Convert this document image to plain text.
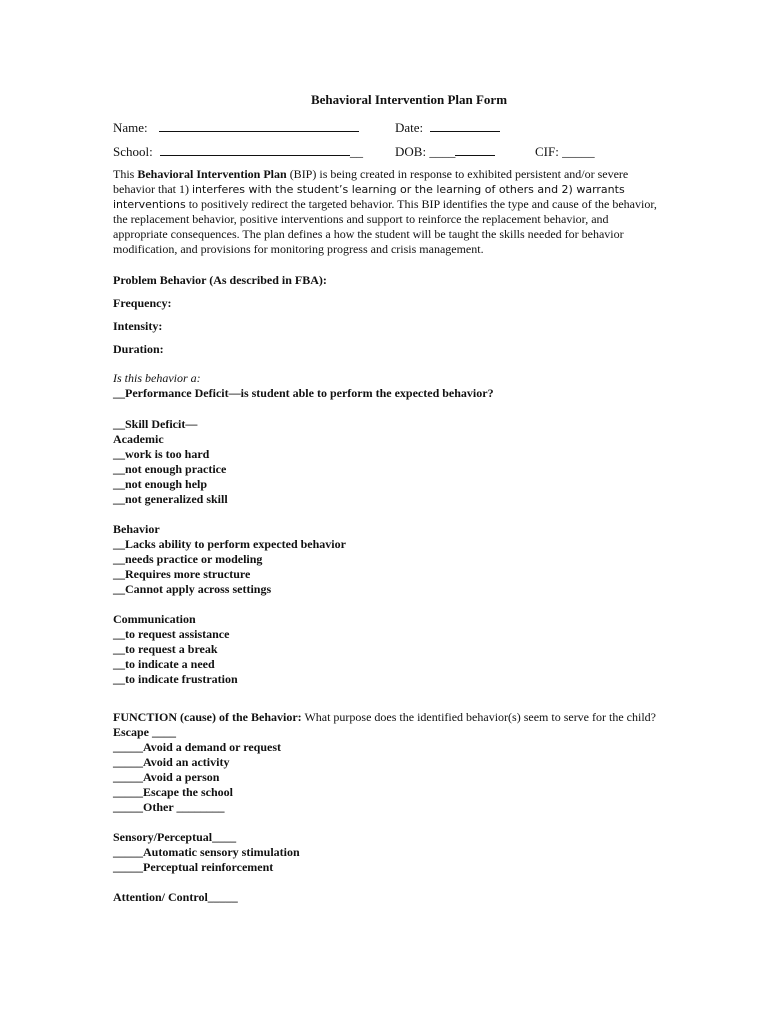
Behavioral Intervention Plan Form
Name:	Date:
School:	__	DOB: ____	CIF: _____

This Behavioral Intervention Plan (BIP) is being created in response to exhibited persistent and/or severe behavior that 1) interferes with the student’s learning or the learning of others and 2) warrants interventions to positively redirect the targeted behavior. This BIP identifies the type and cause of the behavior, the replacement behavior, positive interventions and support to reinforce the replacement behavior, and appropriate consequences. The plan defines a how the student will be taught the skills needed for behavior modification, and provisions for monitoring progress and crisis management.

Problem Behavior (As described in FBA):
Frequency:
Intensity:
Duration:
Is this behavior a:
__Performance Deficit—is student able to perform the expected behavior?
__Skill Deficit—
Academic
__work is too hard
__not enough practice
__not enough help
__not generalized skill
Behavior
__Lacks ability to perform expected behavior
__needs practice or modeling
__Requires more structure
__Cannot apply across settings
Communication
__to request assistance
__to request a break
__to indicate a need
__to indicate frustration
FUNCTION (cause) of the Behavior: What purpose does the identified behavior(s) seem to serve for the child?
Escape ____
_____Avoid a demand or request
_____Avoid an activity
_____Avoid a person
_____Escape the school
_____Other ________
Sensory/Perceptual____
_____Automatic sensory stimulation
_____Perceptual reinforcement
Attention/ Control_____
